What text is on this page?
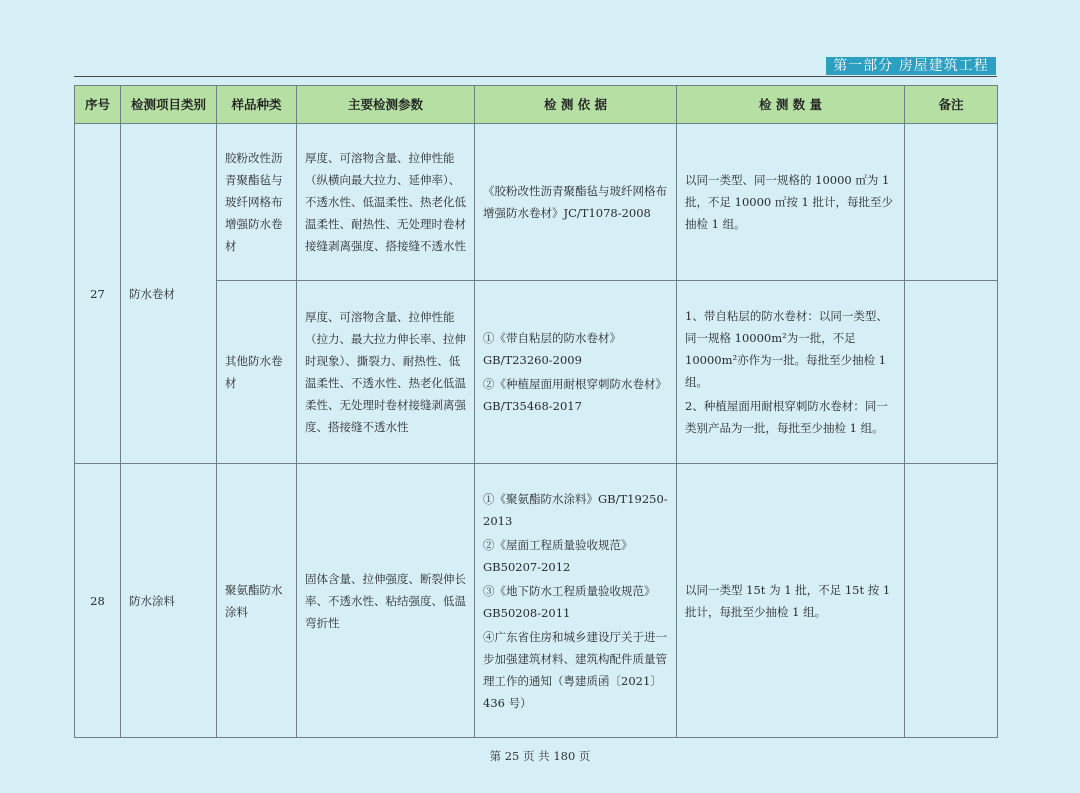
第一部分 房屋建筑工程
序号	检测项目类别	样品种类	主要检测参数	检 测 依 据	检 测 数 量	备注
27	防水卷材	胶粉改性沥青聚酯毡与玻纤网格布增强防水卷材	厚度、可溶物含量、拉伸性能（纵横向最大拉力、延伸率）、不透水性、低温柔性、热老化低温柔性、耐热性、无处理时卷材接缝剥离强度、搭接缝不透水性	《胶粉改性沥青聚酯毡与玻纤网格布增强防水卷材》JC/T1078-2008	以同一类型、同一规格的 10000 ㎡为 1 批，不足 10000 ㎡按 1 批计，每批至少抽检 1 组。	

		其他防水卷材	厚度、可溶物含量、拉伸性能（拉力、最大拉力伸长率、拉伸时现象）、撕裂力、耐热性、低温柔性、不透水性、热老化低温柔性、无处理时卷材接缝剥离强度、搭接缝不透水性	①《带自粘层的防水卷材》GB/T23260-2009
②《种植屋面用耐根穿刺防水卷材》GB/T35468-2017	1、带自粘层的防水卷材：以同一类型、同一规格 10000m²为一批，不足 10000m²亦作为一批。每批至少抽检 1 组。
2、种植屋面用耐根穿刺防水卷材：同一类别产品为一批，每批至少抽检 1 组。	

28	防水涂料	聚氨酯防水涂料	固体含量、拉伸强度、断裂伸长率、不透水性、粘结强度、低温弯折性	①《聚氨酯防水涂料》GB/T19250-2013
②《屋面工程质量验收规范》GB50207-2012
③《地下防水工程质量验收规范》GB50208-2011
④广东省住房和城乡建设厅关于进一步加强建筑材料、建筑构配件质量管理工作的通知（粤建质函〔2021〕436 号）	以同一类型 15t 为 1 批，不足 15t 按 1 批计，每批至少抽检 1 组。	

第 25 页 共 180 页
